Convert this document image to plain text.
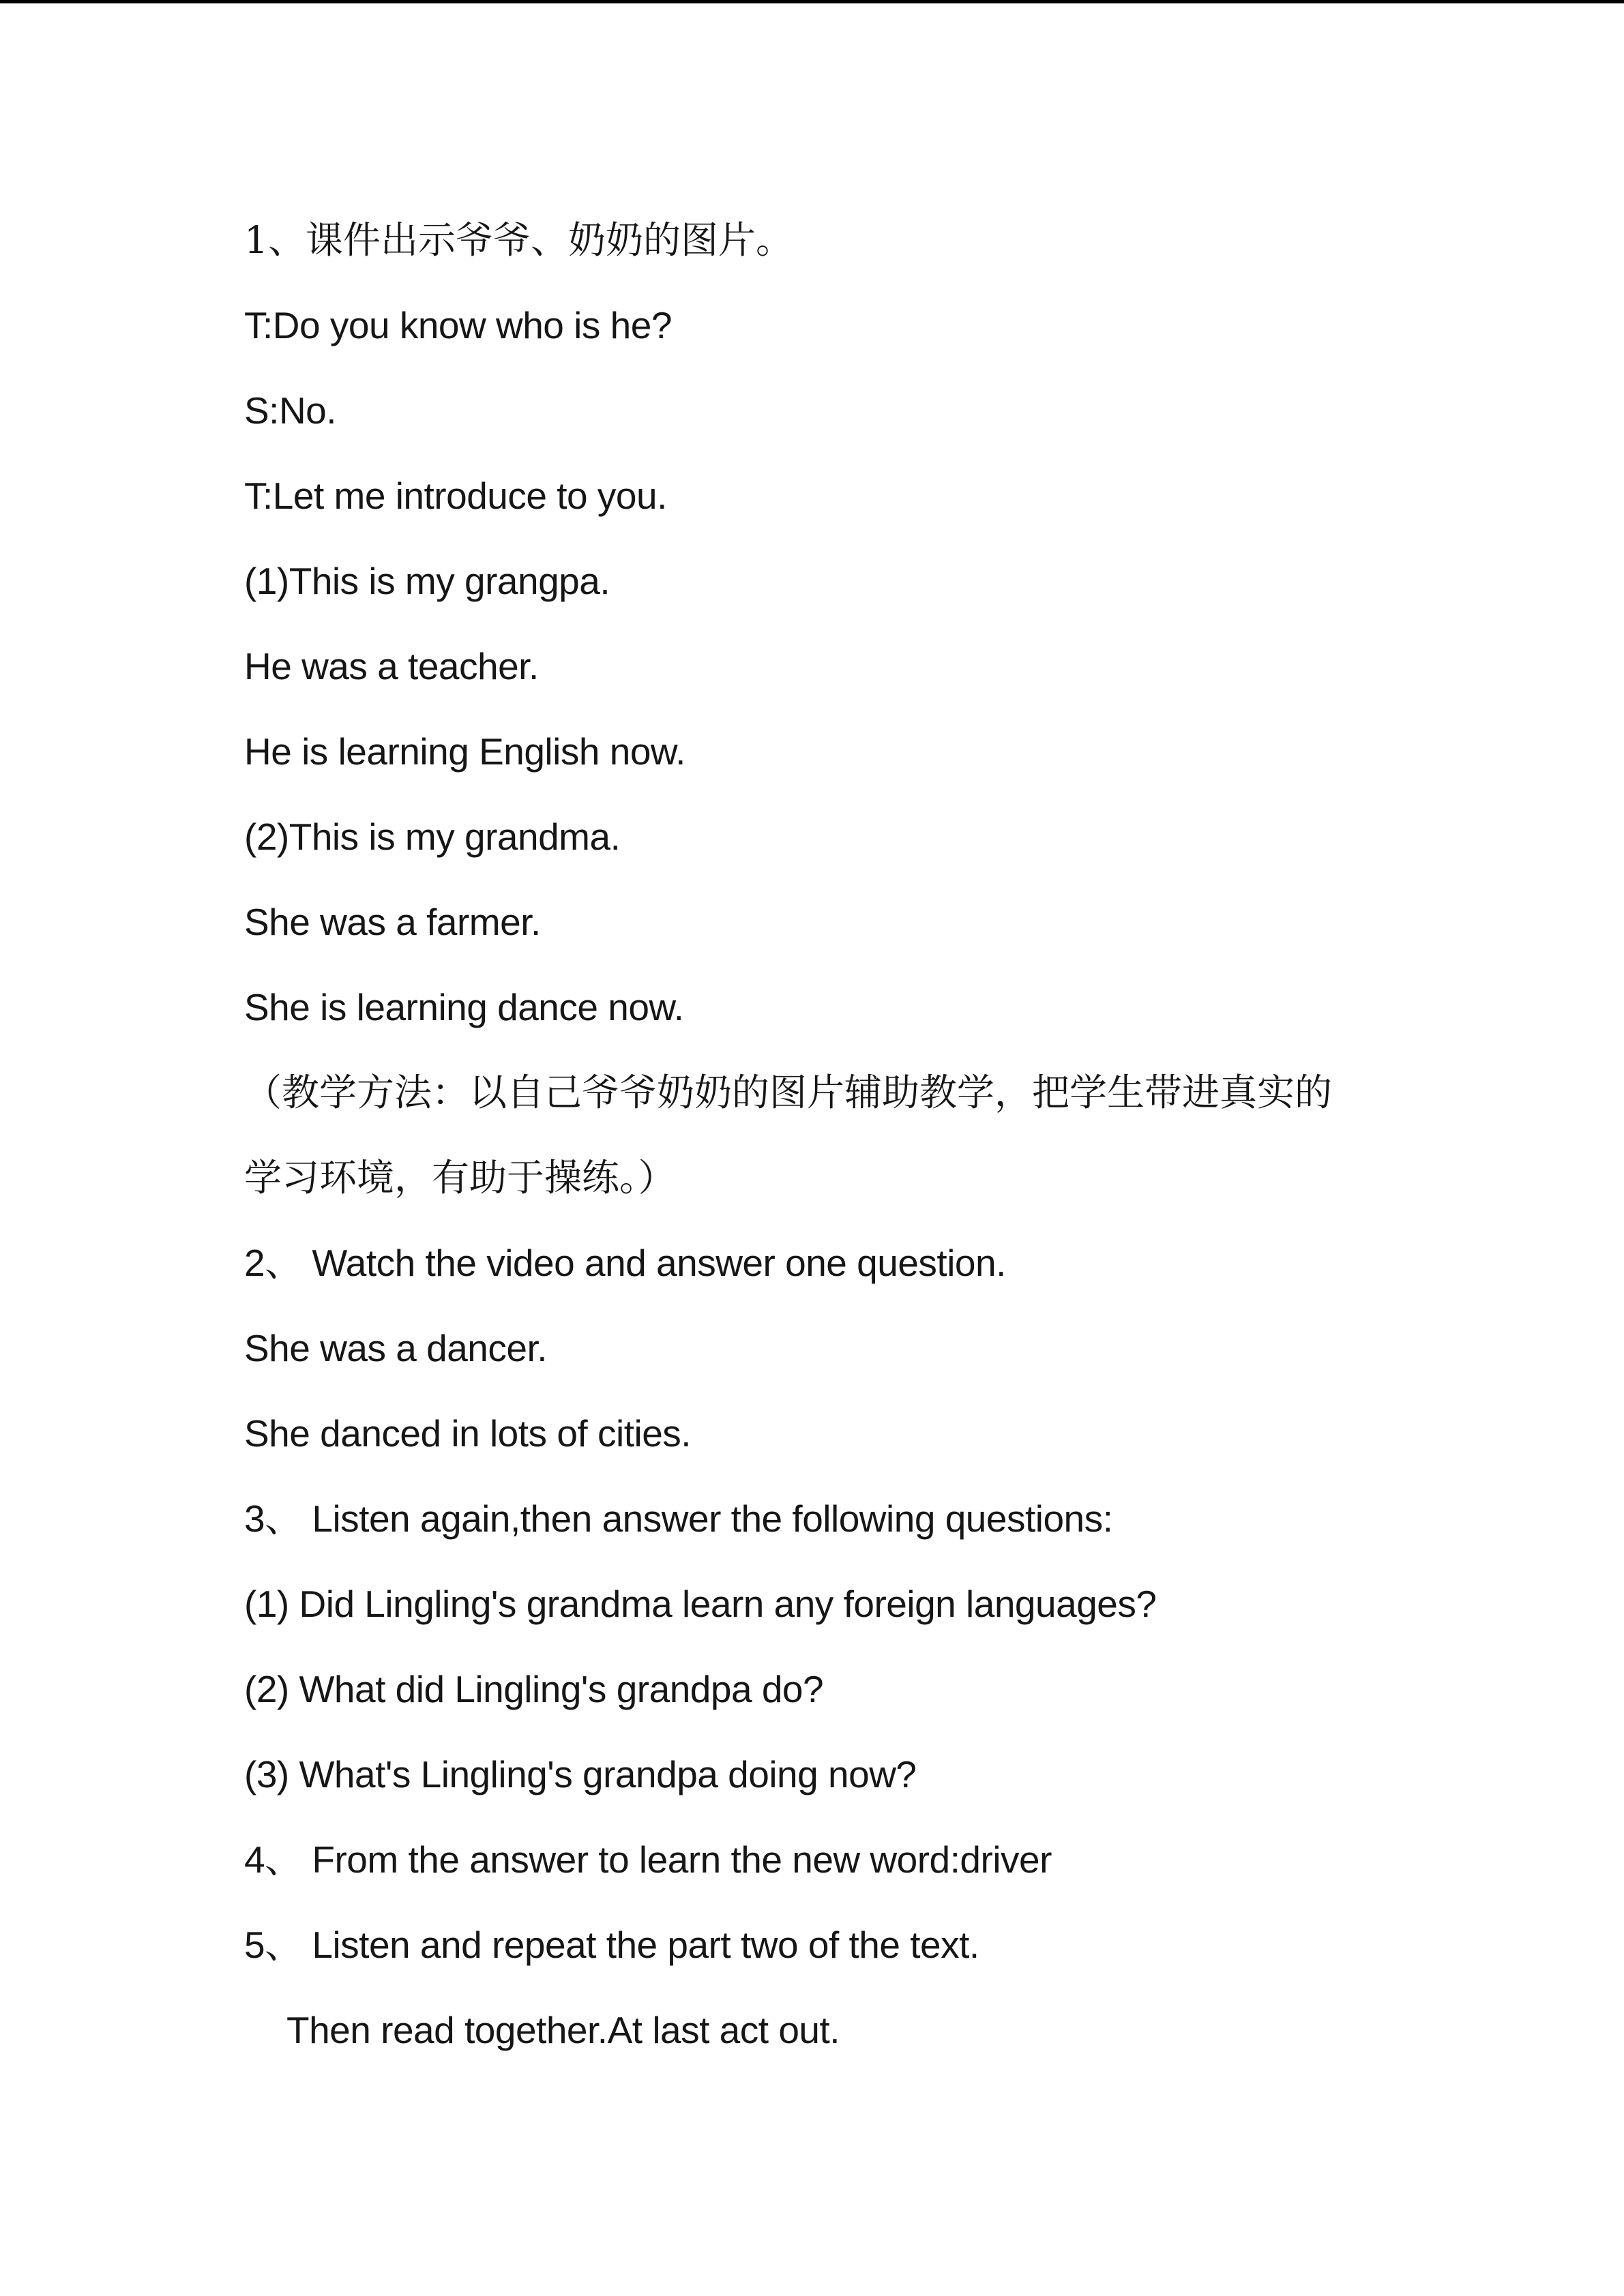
1、课件出示爷爷、奶奶的图片。

T:Do you know who is he?

S:No.

T:Let me introduce to you.

(1)This is my grangpa.

He was a teacher.

He is learning English now.

(2)This is my grandma.

She was a farmer.

She is learning dance now.

（教学方法：以自己爷爷奶奶的图片辅助教学，把学生带进真实的

学习环境，有助于操练。）

2、 Watch the video and answer one question.

She was a dancer.

She danced in lots of cities.

3、 Listen again,then answer the following questions:

(1) Did Lingling's grandma learn any foreign languages?

(2) What did Lingling's grandpa do?

(3) What's Lingling's grandpa doing now?

4、 From the answer to learn the new word:driver

5、 Listen and repeat the part two of the text.

Then read together.At last act out.
